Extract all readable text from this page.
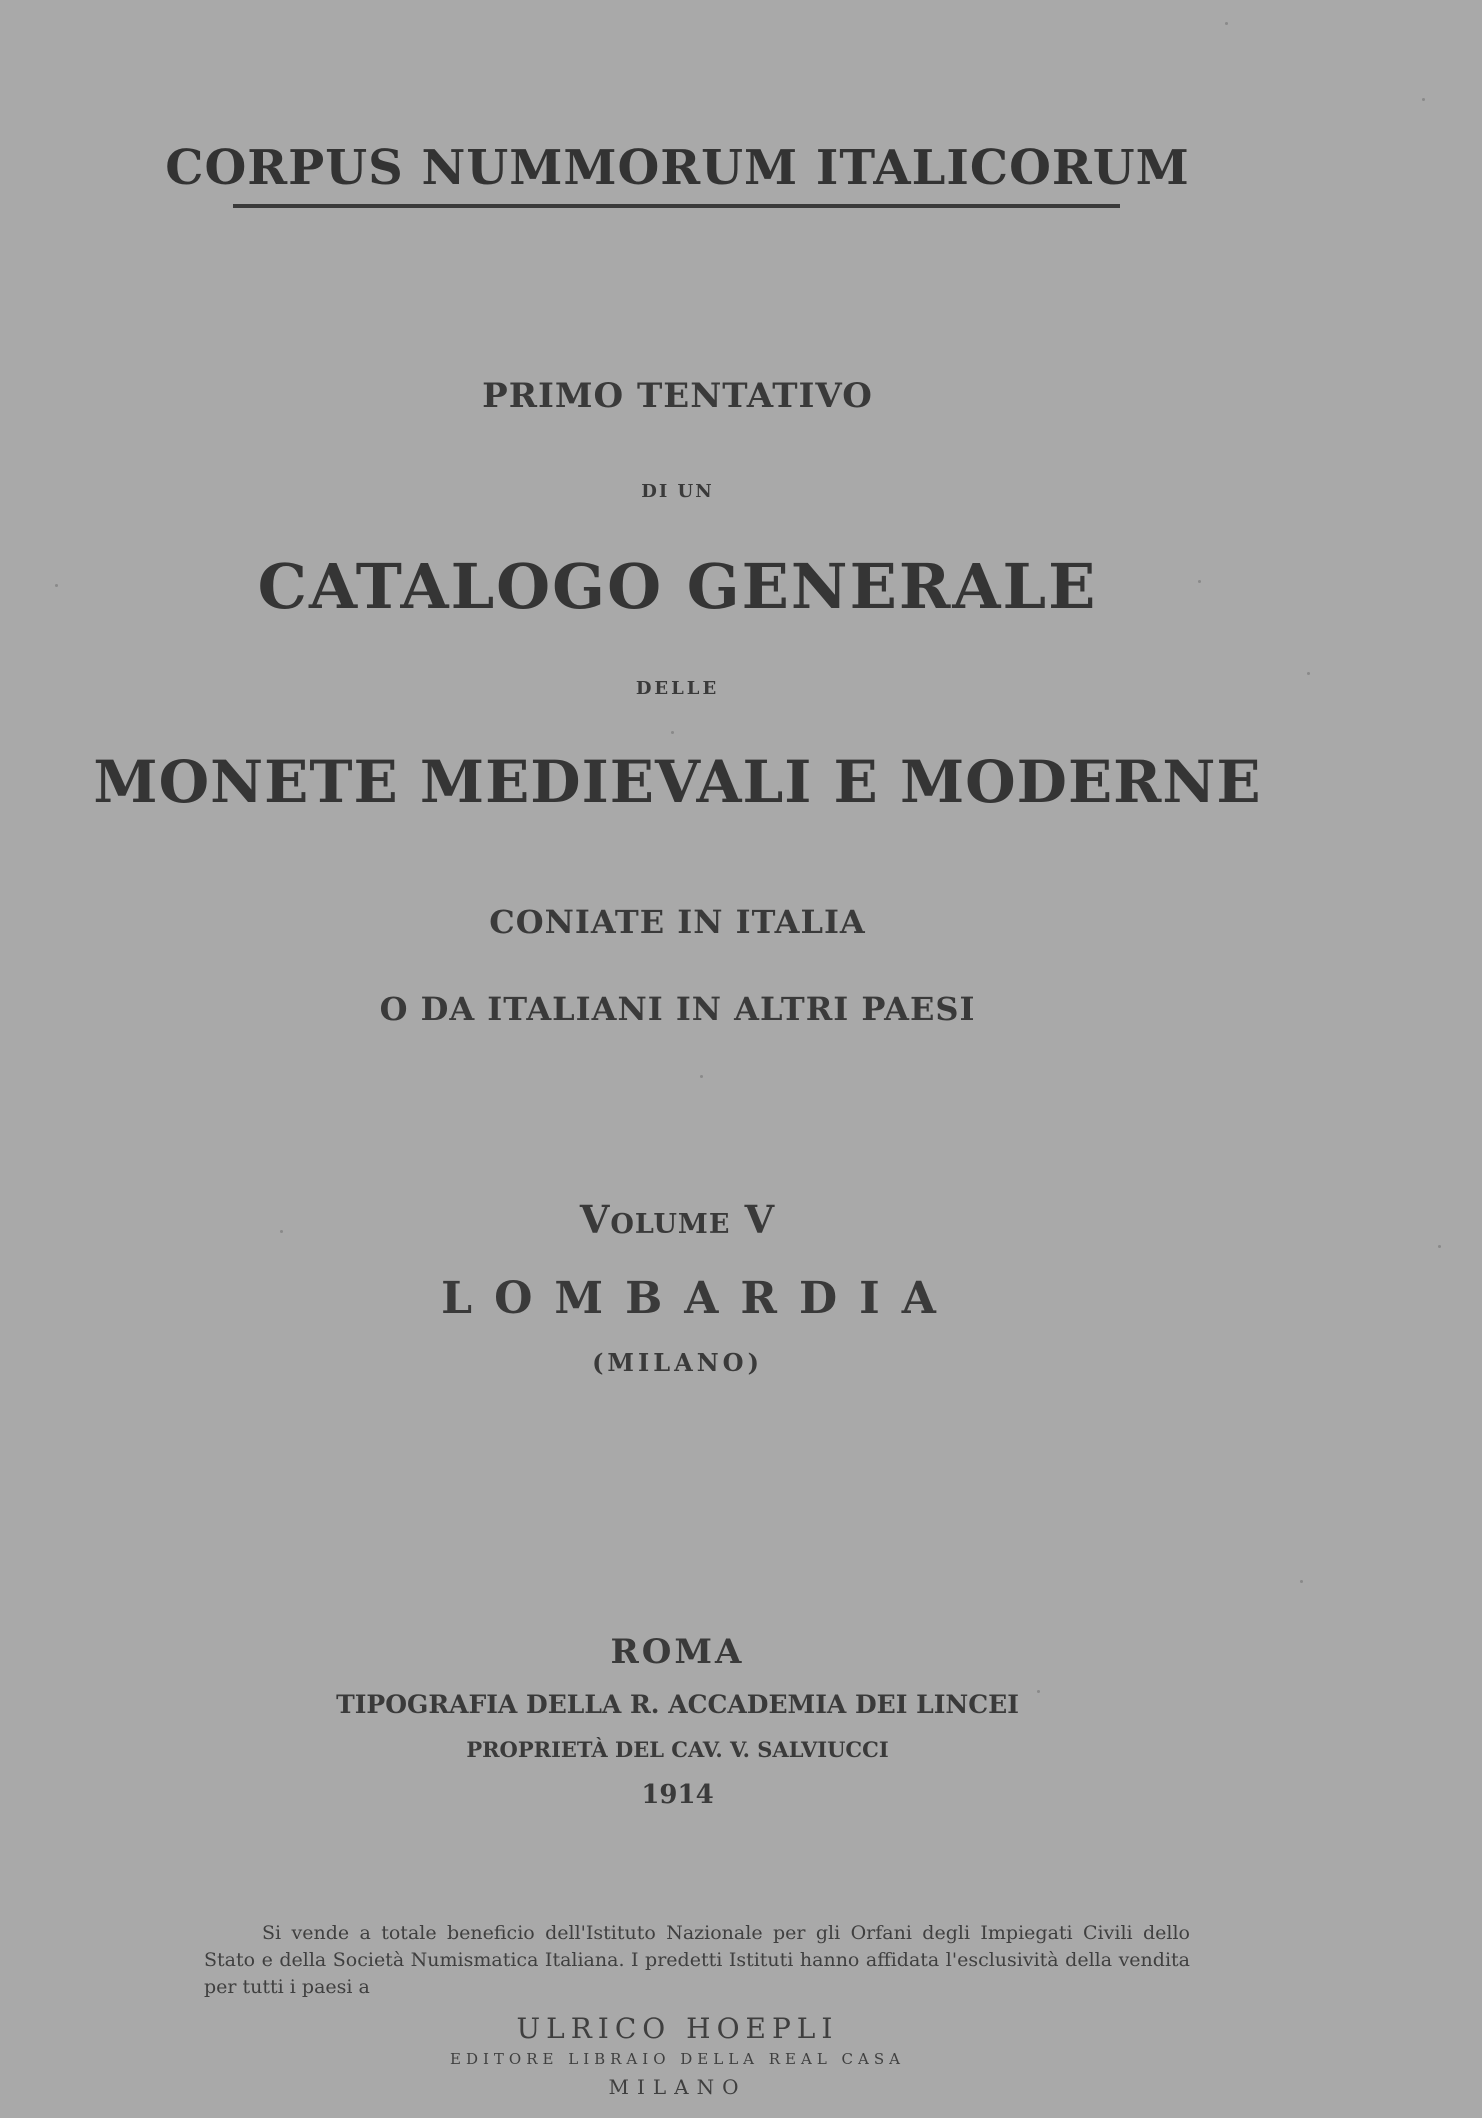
CORPUS NUMMORUM ITALICORUM
PRIMO TENTATIVO
DI UN
CATALOGO GENERALE
DELLE
MONETE MEDIEVALI E MODERNE
CONIATE IN ITALIA
O DA ITALIANI IN ALTRI PAESI
Volume V
LOMBARDIA
(MILANO)
ROMA
TIPOGRAFIA DELLA R. ACCADEMIA DEI LINCEI
PROPRIETÀ DEL CAV. V. SALVIUCCI
1914
Si vende a totale beneficio dell'Istituto Nazionale per gli Orfani degli Impiegati Civili dello Stato e della Società Numismatica Italiana. I predetti Istituti hanno affidata l'esclusività della vendita per tutti i paesi a
ULRICO HOEPLI
EDITORE LIBRAIO DELLA REAL CASA
MILANO
